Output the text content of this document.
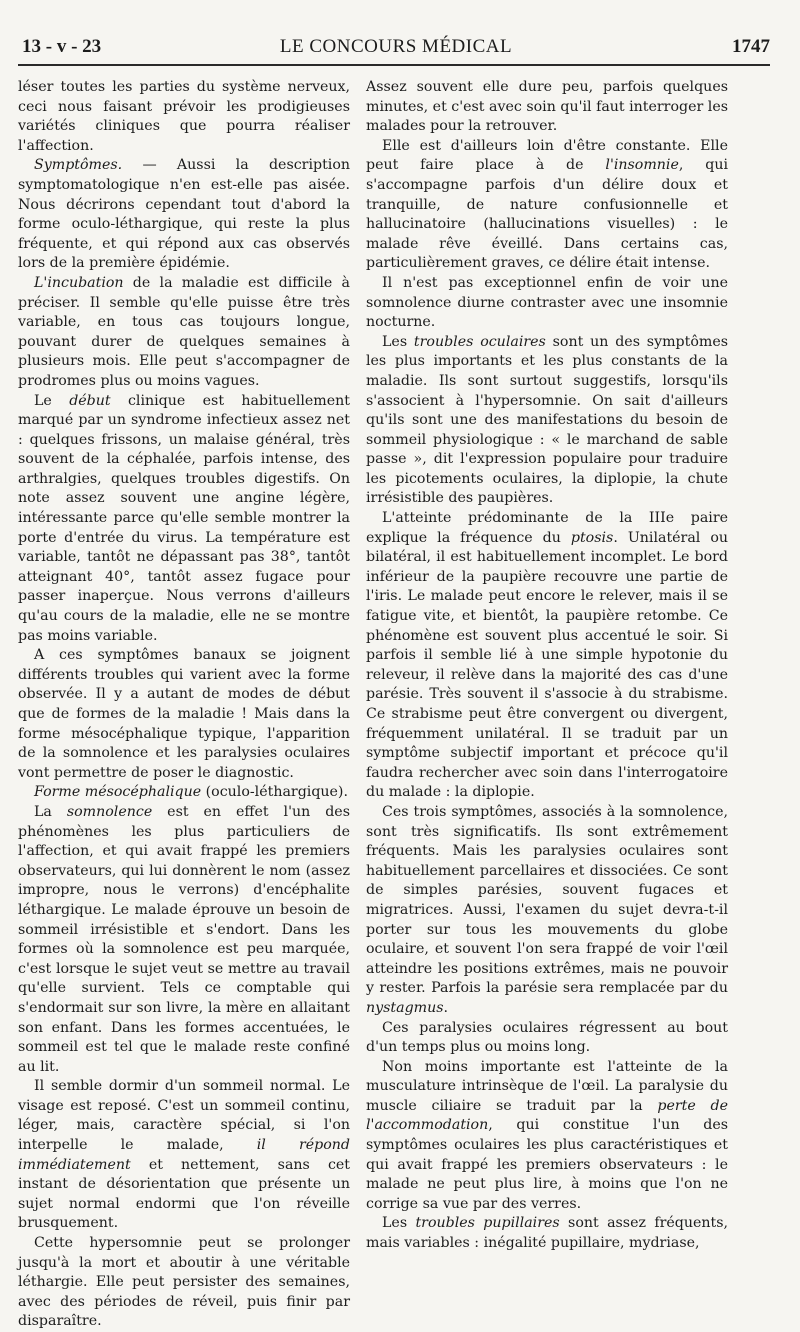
13 - v - 23	LE CONCOURS MÉDICAL	1747

léser toutes les parties du système nerveux, ceci nous faisant prévoir les prodigieuses variétés cliniques que pourra réaliser l'affection.

Symptômes. — Aussi la description symptomatologique n'en est-elle pas aisée. Nous décrirons cependant tout d'abord la forme oculo-léthargique, qui reste la plus fréquente, et qui répond aux cas observés lors de la première épidémie.

L'incubation de la maladie est difficile à préciser. Il semble qu'elle puisse être très variable, en tous cas toujours longue, pouvant durer de quelques semaines à plusieurs mois. Elle peut s'accompagner de prodromes plus ou moins vagues.

Le début clinique est habituellement marqué par un syndrome infectieux assez net : quelques frissons, un malaise général, très souvent de la céphalée, parfois intense, des arthralgies, quelques troubles digestifs. On note assez souvent une angine légère, intéressante parce qu'elle semble montrer la porte d'entrée du virus. La température est variable, tantôt ne dépassant pas 38°, tantôt atteignant 40°, tantôt assez fugace pour passer inaperçue. Nous verrons d'ailleurs qu'au cours de la maladie, elle ne se montre pas moins variable.

A ces symptômes banaux se joignent différents troubles qui varient avec la forme observée. Il y a autant de modes de début que de formes de la maladie ! Mais dans la forme mésocéphalique typique, l'apparition de la somnolence et les paralysies oculaires vont permettre de poser le diagnostic.

Forme mésocéphalique (oculo-léthargique).

La somnolence est en effet l'un des phénomènes les plus particuliers de l'affection, et qui avait frappé les premiers observateurs, qui lui donnèrent le nom (assez impropre, nous le verrons) d'encéphalite léthargique. Le malade éprouve un besoin de sommeil irrésistible et s'endort. Dans les formes où la somnolence est peu marquée, c'est lorsque le sujet veut se mettre au travail qu'elle survient. Tels ce comptable qui s'endormait sur son livre, la mère en allaitant son enfant. Dans les formes accentuées, le sommeil est tel que le malade reste confiné au lit.

Il semble dormir d'un sommeil normal. Le visage est reposé. C'est un sommeil continu, léger, mais, caractère spécial, si l'on interpelle le malade, il répond immédiatement et nettement, sans cet instant de désorientation que présente un sujet normal endormi que l'on réveille brusquement.

Cette hypersomnie peut se prolonger jusqu'à la mort et aboutir à une véritable léthargie. Elle peut persister des semaines, avec des périodes de réveil, puis finir par disparaître.

Assez souvent elle dure peu, parfois quelques minutes, et c'est avec soin qu'il faut interroger les malades pour la retrouver.

Elle est d'ailleurs loin d'être constante. Elle peut faire place à de l'insomnie, qui s'accompagne parfois d'un délire doux et tranquille, de nature confusionnelle et hallucinatoire (hallucinations visuelles) : le malade rêve éveillé. Dans certains cas, particulièrement graves, ce délire était intense.

Il n'est pas exceptionnel enfin de voir une somnolence diurne contraster avec une insomnie nocturne.

Les troubles oculaires sont un des symptômes les plus importants et les plus constants de la maladie. Ils sont surtout suggestifs, lorsqu'ils s'associent à l'hypersomnie. On sait d'ailleurs qu'ils sont une des manifestations du besoin de sommeil physiologique : « le marchand de sable passe », dit l'expression populaire pour traduire les picotements oculaires, la diplopie, la chute irrésistible des paupières.

L'atteinte prédominante de la IIIe paire explique la fréquence du ptosis. Unilatéral ou bilatéral, il est habituellement incomplet. Le bord inférieur de la paupière recouvre une partie de l'iris. Le malade peut encore le relever, mais il se fatigue vite, et bientôt, la paupière retombe. Ce phénomène est souvent plus accentué le soir. Si parfois il semble lié à une simple hypotonie du releveur, il relève dans la majorité des cas d'une parésie. Très souvent il s'associe à du strabisme. Ce strabisme peut être convergent ou divergent, fréquemment unilatéral. Il se traduit par un symptôme subjectif important et précoce qu'il faudra rechercher avec soin dans l'interrogatoire du malade : la diplopie.

Ces trois symptômes, associés à la somnolence, sont très significatifs. Ils sont extrêmement fréquents. Mais les paralysies oculaires sont habituellement parcellaires et dissociées. Ce sont de simples parésies, souvent fugaces et migratrices. Aussi, l'examen du sujet devra-t-il porter sur tous les mouvements du globe oculaire, et souvent l'on sera frappé de voir l'œil atteindre les positions extrêmes, mais ne pouvoir y rester. Parfois la parésie sera remplacée par du nystagmus.

Ces paralysies oculaires régressent au bout d'un temps plus ou moins long.

Non moins importante est l'atteinte de la musculature intrinsèque de l'œil. La paralysie du muscle ciliaire se traduit par la perte de l'accommodation, qui constitue l'un des symptômes oculaires les plus caractéristiques et qui avait frappé les premiers observateurs : le malade ne peut plus lire, à moins que l'on ne corrige sa vue par des verres.

Les troubles pupillaires sont assez fréquents, mais variables : inégalité pupillaire, mydriase,
